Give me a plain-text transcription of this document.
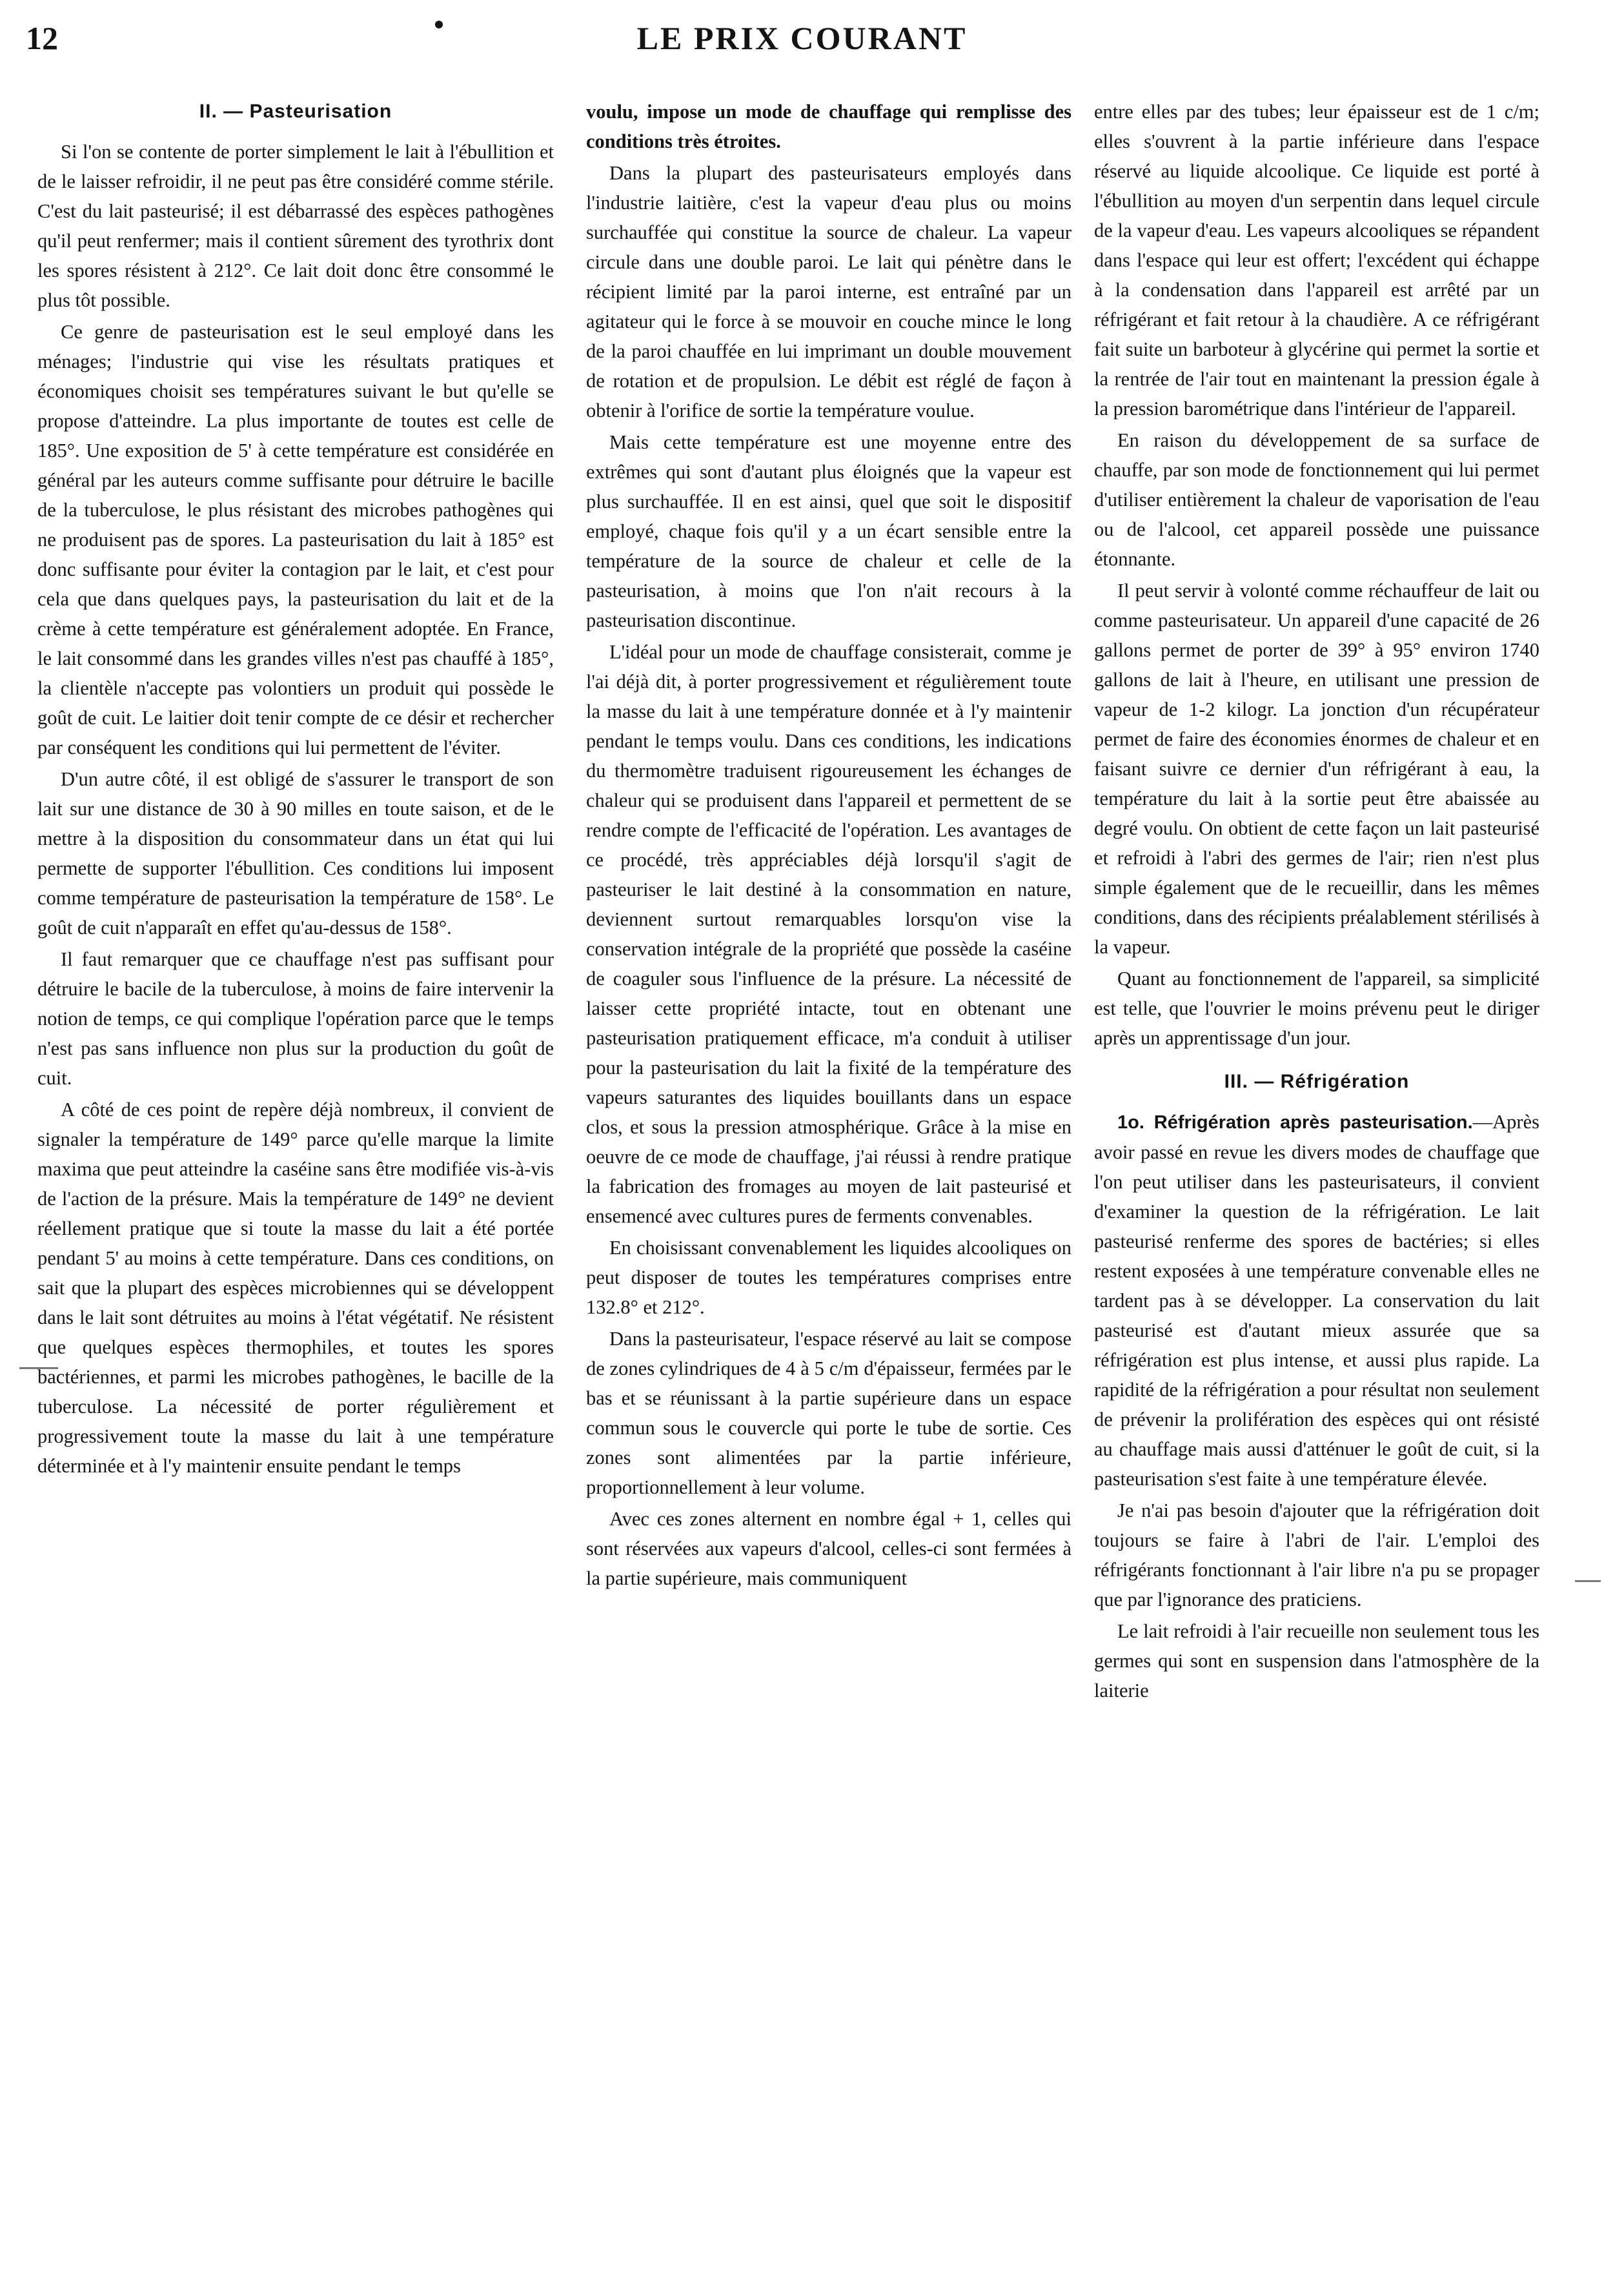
12	LE PRIX COURANT
II. — Pasteurisation

Si l'on se contente de porter simplement le lait à l'ébullition et de le laisser refroidir, il ne peut pas être considéré comme stérile. C'est du lait pasteurisé; il est débarrassé des espèces pathogènes qu'il peut renfermer; mais il contient sûrement des tyrothrix dont les spores résistent à 212°. Ce lait doit donc être consommé le plus tôt possible.

Ce genre de pasteurisation est le seul employé dans les ménages; l'industrie qui vise les résultats pratiques et économiques choisit ses températures suivant le but qu'elle se propose d'atteindre. La plus importante de toutes est celle de 185°. Une exposition de 5' à cette température est considérée en général par les auteurs comme suffisante pour détruire le bacille de la tuberculose, le plus résistant des microbes pathogènes qui ne produisent pas de spores. La pasteurisation du lait à 185° est donc suffisante pour éviter la contagion par le lait, et c'est pour cela que dans quelques pays, la pasteurisation du lait et de la crème à cette température est généralement adoptée. En France, le lait consommé dans les grandes villes n'est pas chauffé à 185°, la clientèle n'accepte pas volontiers un produit qui possède le goût de cuit. Le laitier doit tenir compte de ce désir et rechercher par conséquent les conditions qui lui permettent de l'éviter.

D'un autre côté, il est obligé de s'assurer le transport de son lait sur une distance de 30 à 90 milles en toute saison, et de le mettre à la disposition du consommateur dans un état qui lui permette de supporter l'ébullition. Ces conditions lui imposent comme température de pasteurisation la température de 158°. Le goût de cuit n'apparaît en effet qu'au-dessus de 158°.

Il faut remarquer que ce chauffage n'est pas suffisant pour détruire le bacile de la tuberculose, à moins de faire intervenir la notion de temps, ce qui complique l'opération parce que le temps n'est pas sans influence non plus sur la production du goût de cuit.

A côté de ces point de repère déjà nombreux, il convient de signaler la température de 149° parce qu'elle marque la limite maxima que peut atteindre la caséine sans être modifiée vis-à-vis de l'action de la présure. Mais la température de 149° ne devient réellement pratique que si toute la masse du lait a été portée pendant 5' au moins à cette température. Dans ces conditions, on sait que la plupart des espèces microbiennes qui se développent dans le lait sont détruites au moins à l'état végétatif. Ne résistent que quelques espèces thermophiles, et toutes les spores bactériennes, et parmi les microbes pathogènes, le bacille de la tuberculose. La nécessité de porter régulièrement et progressivement toute la masse du lait à une température déterminée et à l'y maintenir ensuite pendant le temps

voulu, impose un mode de chauffage qui remplisse des conditions très étroites.

Dans la plupart des pasteurisateurs employés dans l'industrie laitière, c'est la vapeur d'eau plus ou moins surchauffée qui constitue la source de chaleur. La vapeur circule dans une double paroi. Le lait qui pénètre dans le récipient limité par la paroi interne, est entraîné par un agitateur qui le force à se mouvoir en couche mince le long de la paroi chauffée en lui imprimant un double mouvement de rotation et de propulsion. Le débit est réglé de façon à obtenir à l'orifice de sortie la température voulue.

Mais cette température est une moyenne entre des extrêmes qui sont d'autant plus éloignés que la vapeur est plus surchauffée. Il en est ainsi, quel que soit le dispositif employé, chaque fois qu'il y a un écart sensible entre la température de la source de chaleur et celle de la pasteurisation, à moins que l'on n'ait recours à la pasteurisation discontinue.

L'idéal pour un mode de chauffage consisterait, comme je l'ai déjà dit, à porter progressivement et régulièrement toute la masse du lait à une température donnée et à l'y maintenir pendant le temps voulu. Dans ces conditions, les indications du thermomètre traduisent rigoureusement les échanges de chaleur qui se produisent dans l'appareil et permettent de se rendre compte de l'efficacité de l'opération. Les avantages de ce procédé, très appréciables déjà lorsqu'il s'agit de pasteuriser le lait destiné à la consommation en nature, deviennent surtout remarquables lorsqu'on vise la conservation intégrale de la propriété que possède la caséine de coaguler sous l'influence de la présure. La nécessité de laisser cette propriété intacte, tout en obtenant une pasteurisation pratiquement efficace, m'a conduit à utiliser pour la pasteurisation du lait la fixité de la température des vapeurs saturantes des liquides bouillants dans un espace clos, et sous la pression atmosphérique. Grâce à la mise en oeuvre de ce mode de chauffage, j'ai réussi à rendre pratique la fabrication des fromages au moyen de lait pasteurisé et ensemencé avec cultures pures de ferments convenables.

En choisissant convenablement les liquides alcooliques on peut disposer de toutes les températures comprises entre 132.8° et 212°.

Dans la pasteurisateur, l'espace réservé au lait se compose de zones cylindriques de 4 à 5 c/m d'épaisseur, fermées par le bas et se réunissant à la partie supérieure dans un espace commun sous le couvercle qui porte le tube de sortie. Ces zones sont alimentées par la partie inférieure, proportionnellement à leur volume.

Avec ces zones alternent en nombre égal + 1, celles qui sont réservées aux vapeurs d'alcool, celles-ci sont fermées à la partie supérieure, mais communiquent

entre elles par des tubes; leur épaisseur est de 1 c/m; elles s'ouvrent à la partie inférieure dans l'espace réservé au liquide alcoolique. Ce liquide est porté à l'ébullition au moyen d'un serpentin dans lequel circule de la vapeur d'eau. Les vapeurs alcooliques se répandent dans l'espace qui leur est offert; l'excédent qui échappe à la condensation dans l'appareil est arrêté par un réfrigérant et fait retour à la chaudière. A ce réfrigérant fait suite un barboteur à glycérine qui permet la sortie et la rentrée de l'air tout en maintenant la pression égale à la pression barométrique dans l'intérieur de l'appareil.

En raison du développement de sa surface de chauffe, par son mode de fonctionnement qui lui permet d'utiliser entièrement la chaleur de vaporisation de l'eau ou de l'alcool, cet appareil possède une puissance étonnante.

Il peut servir à volonté comme réchauffeur de lait ou comme pasteurisateur. Un appareil d'une capacité de 26 gallons permet de porter de 39° à 95° environ 1740 gallons de lait à l'heure, en utilisant une pression de vapeur de 1-2 kilogr. La jonction d'un récupérateur permet de faire des économies énormes de chaleur et en faisant suivre ce dernier d'un réfrigérant à eau, la température du lait à la sortie peut être abaissée au degré voulu. On obtient de cette façon un lait pasteurisé et refroidi à l'abri des germes de l'air; rien n'est plus simple également que de le recueillir, dans les mêmes conditions, dans des récipients préalablement stérilisés à la vapeur.

Quant au fonctionnement de l'appareil, sa simplicité est telle, que l'ouvrier le moins prévenu peut le diriger après un apprentissage d'un jour.

III. — Réfrigération

1o. Réfrigération après pasteurisation.—Après avoir passé en revue les divers modes de chauffage que l'on peut utiliser dans les pasteurisateurs, il convient d'examiner la question de la réfrigération. Le lait pasteurisé renferme des spores de bactéries; si elles restent exposées à une température convenable elles ne tardent pas à se développer. La conservation du lait pasteurisé est d'autant mieux assurée que sa réfrigération est plus intense, et aussi plus rapide. La rapidité de la réfrigération a pour résultat non seulement de prévenir la prolifération des espèces qui ont résisté au chauffage mais aussi d'atténuer le goût de cuit, si la pasteurisation s'est faite à une température élevée.

Je n'ai pas besoin d'ajouter que la réfrigération doit toujours se faire à l'abri de l'air. L'emploi des réfrigérants fonctionnant à l'air libre n'a pu se propager que par l'ignorance des praticiens.

Le lait refroidi à l'air recueille non seulement tous les germes qui sont en suspension dans l'atmosphère de la laiterie
